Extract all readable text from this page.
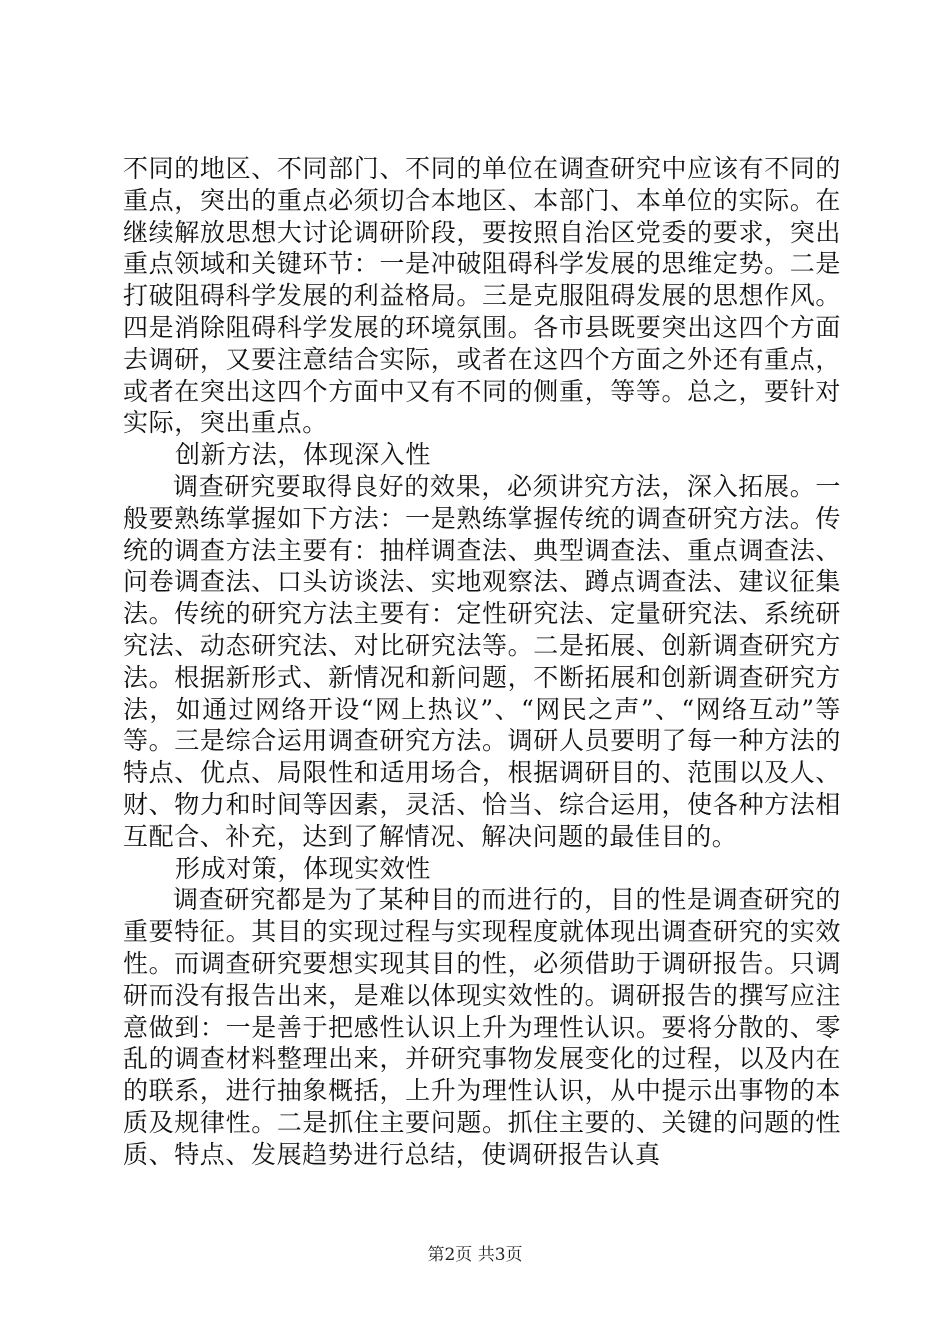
不同的地区、不同部门、不同的单位在调查研究中应该有不同的重点，突出的重点必须切合本地区、本部门、本单位的实际。在继续解放思想大讨论调研阶段，要按照自治区党委的要求，突出重点领域和关键环节：一是冲破阻碍科学发展的思维定势。二是打破阻碍科学发展的利益格局。三是克服阻碍发展的思想作风。四是消除阻碍科学发展的环境氛围。各市县既要突出这四个方面去调研，又要注意结合实际，或者在这四个方面之外还有重点，或者在突出这四个方面中又有不同的侧重，等等。总之，要针对实际，突出重点。

创新方法，体现深入性

调查研究要取得良好的效果，必须讲究方法，深入拓展。一般要熟练掌握如下方法：一是熟练掌握传统的调查研究方法。传统的调查方法主要有：抽样调查法、典型调查法、重点调查法、问卷调查法、口头访谈法、实地观察法、蹲点调查法、建议征集法。传统的研究方法主要有：定性研究法、定量研究法、系统研究法、动态研究法、对比研究法等。二是拓展、创新调查研究方法。根据新形式、新情况和新问题，不断拓展和创新调查研究方法，如通过网络开设“网上热议”、“网民之声”、“网络互动”等等。三是综合运用调查研究方法。调研人员要明了每一种方法的特点、优点、局限性和适用场合，根据调研目的、范围以及人、财、物力和时间等因素，灵活、恰当、综合运用，使各种方法相互配合、补充，达到了解情况、解决问题的最佳目的。

形成对策，体现实效性

调查研究都是为了某种目的而进行的，目的性是调查研究的重要特征。其目的实现过程与实现程度就体现出调查研究的实效性。而调查研究要想实现其目的性，必须借助于调研报告。只调研而没有报告出来，是难以体现实效性的。调研报告的撰写应注意做到：一是善于把感性认识上升为理性认识。要将分散的、零乱的调查材料整理出来，并研究事物发展变化的过程，以及内在的联系，进行抽象概括，上升为理性认识，从中提示出事物的本质及规律性。二是抓住主要问题。抓住主要的、关键的问题的性质、特点、发展趋势进行总结，使调研报告认真

第2页 共3页
